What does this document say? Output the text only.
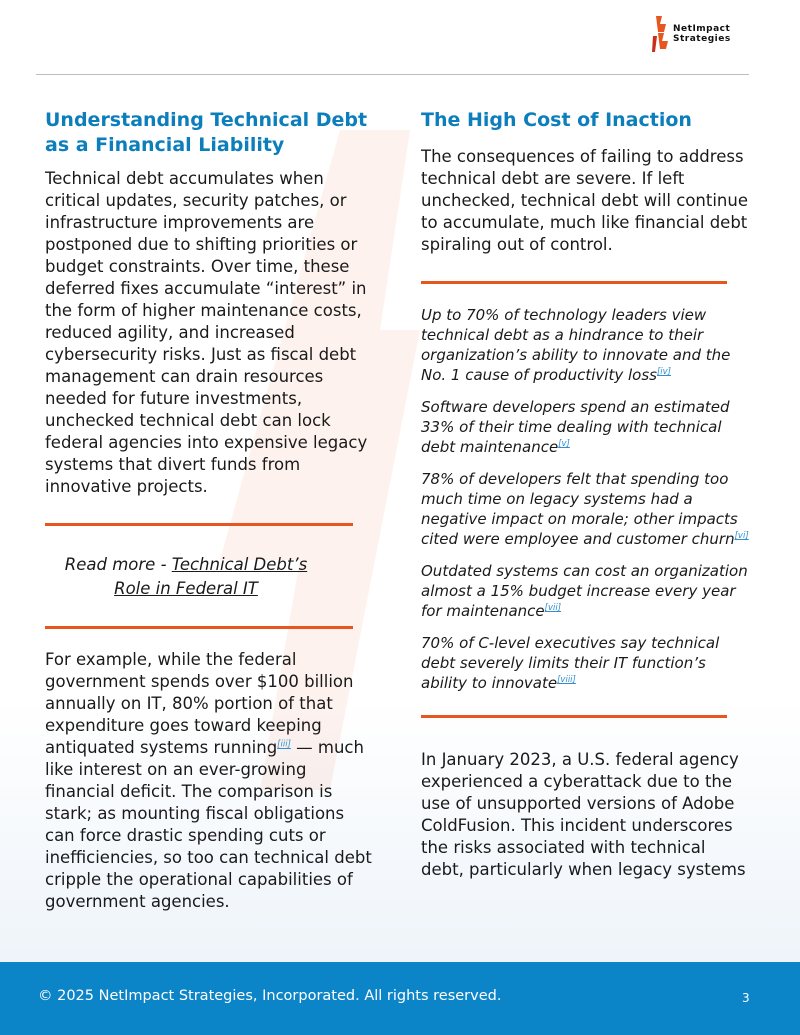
NetImpact
Strategies
Understanding Technical Debt as a Financial Liability

Technical debt accumulates when critical updates, security patches, or infrastructure improvements are postponed due to shifting priorities or budget constraints. Over time, these deferred fixes accumulate “interest” in the form of higher maintenance costs, reduced agility, and increased cybersecurity risks. Just as fiscal debt management can drain resources needed for future investments, unchecked technical debt can lock federal agencies into expensive legacy systems that divert funds from innovative projects.

Read more - Technical Debt’s Role in Federal IT

For example, while the federal government spends over $100 billion annually on IT, 80% portion of that expenditure goes toward keeping antiquated systems running[iii] — much like interest on an ever-growing financial deficit. The comparison is stark; as mounting fiscal obligations can force drastic spending cuts or inefficiencies, so too can technical debt cripple the operational capabilities of government agencies.

The High Cost of Inaction

The consequences of failing to address technical debt are severe. If left unchecked, technical debt will continue to accumulate, much like financial debt spiraling out of control.

Up to 70% of technology leaders view technical debt as a hindrance to their organization’s ability to innovate and the No. 1 cause of productivity loss[iv]

Software developers spend an estimated 33% of their time dealing with technical debt maintenance[v]

78% of developers felt that spending too much time on legacy systems had a negative impact on morale; other impacts cited were employee and customer churn[vi]

Outdated systems can cost an organization almost a 15% budget increase every year for maintenance[vii]

70% of C-level executives say technical debt severely limits their IT function’s ability to innovate[viii]

In January 2023, a U.S. federal agency experienced a cyberattack due to the use of unsupported versions of Adobe ColdFusion. This incident underscores the risks associated with technical debt, particularly when legacy systems

© 2025 NetImpact Strategies, Incorporated. All rights reserved.	3
